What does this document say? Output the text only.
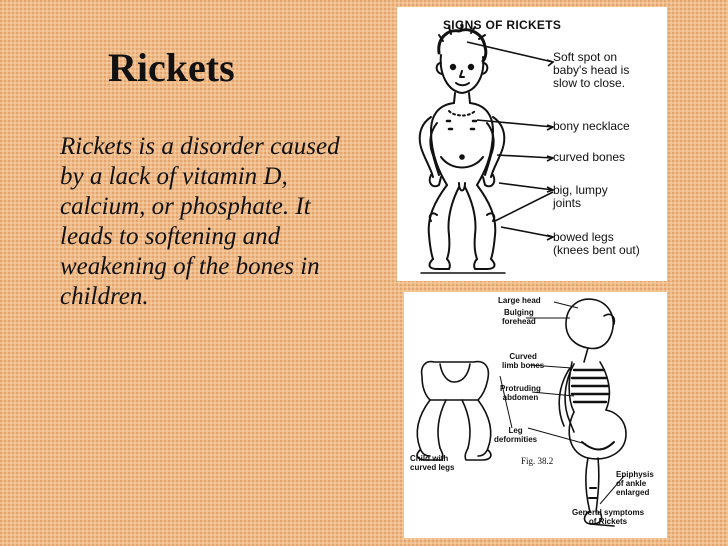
Rickets

Rickets is a disorder caused by a lack of vitamin D, calcium, or phosphate. It leads to softening and weakening of the bones in children.

SIGNS OF RICKETS
Soft spot on
baby's head is
slow to close.
bony necklace
curved bones
big, lumpy
joints
bowed legs
(knees bent out)
Large head
Bulging
forehead
Curved
limb bones
Protruding
abdomen
Leg
deformities
Child with
curved legs
Epiphysis
of ankle
enlarged
General symptoms
of Rickets
Fig. 38.2
